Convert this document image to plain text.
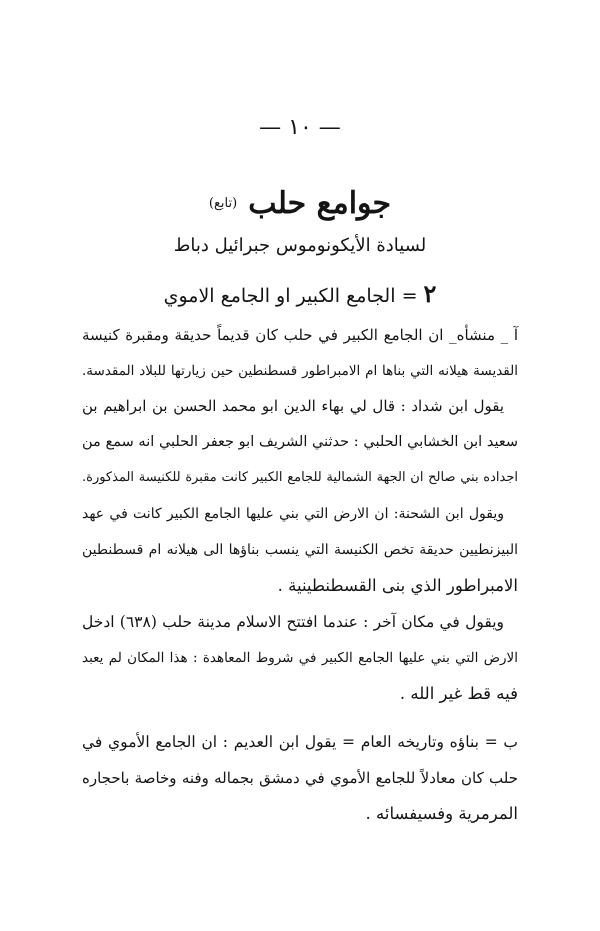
— ١٠ —
جوامع حلب $^{(تابع)}$
لسيادة الأيكونوموس جبرائيل دباط
٢ = الجامع الكبير او الجامع الاموي
آ _ منشأه_ ان الجامع الكبير في حلب كان قديماً حديقة ومقبرة كنيسة
القديسة هيلانه التي بناها ام الامبراطور قسطنطين حين زيارتها للبلاد المقدسة.
يقول ابن شداد : قال لي بهاء الدين ابو محمد الحسن بن ابراهيم بن
سعيد ابن الخشابي الحلبي : حدثني الشريف ابو جعفر الحلبي انه سمع من
اجداده بني صالح ان الجهة الشمالية للجامع الكبير كانت مقبرة للكنيسة المذكورة.
ويقول ابن الشحنة: ان الارض التي بني عليها الجامع الكبير كانت في عهد
البيزنطيين حديقة تخص الكنيسة التي ينسب بناؤها الى هيلانه ام قسطنطين
الامبراطور الذي بنى القسطنطينية .
ويقول في مكان آخر : عندما افتتح الاسلام مدينة حلب (٦٣٨) ادخل
الارض التي بني عليها الجامع الكبير في شروط المعاهدة : هذا المكان لم يعبد
فيه قط غير الله .
ب = بناؤه وتاريخه العام = يقول ابن العديم : ان الجامع الأموي في
حلب كان معادلاً للجامع الأموي في دمشق بجماله وفنه وخاصة باحجاره
المرمرية وفسيفسائه .
